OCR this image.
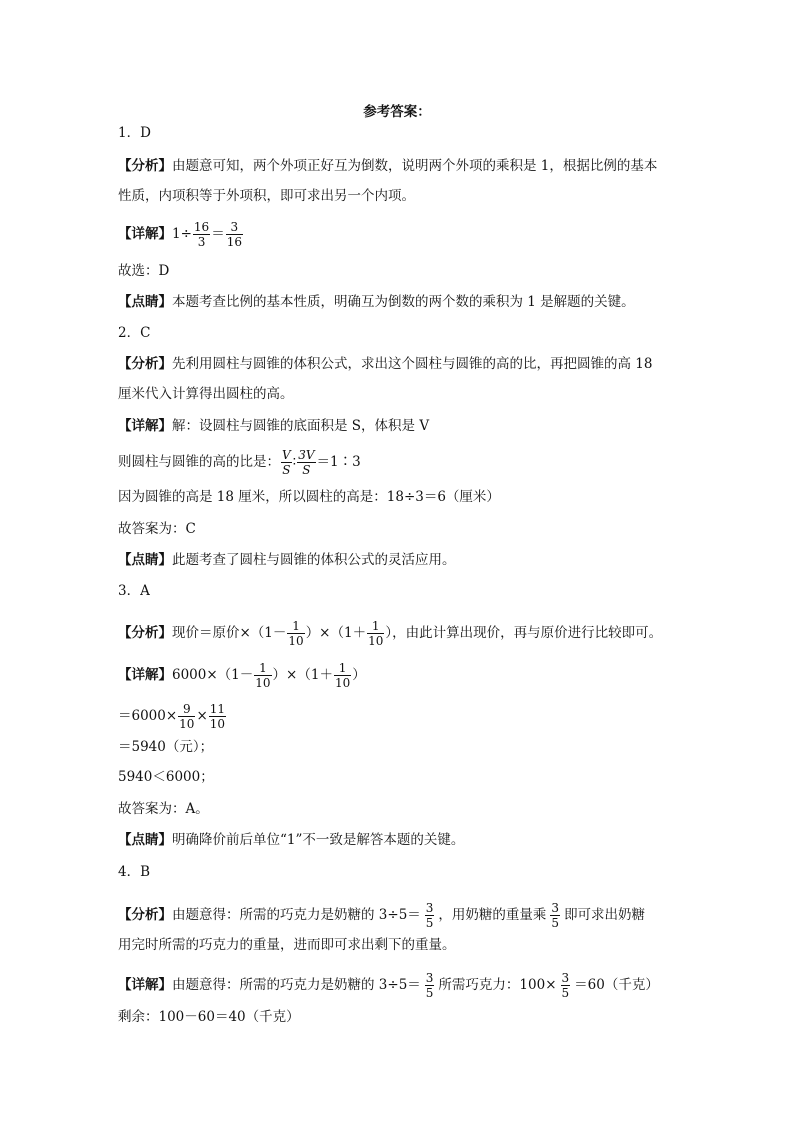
参考答案：
1．D
【分析】由题意可知，两个外项正好互为倒数，说明两个外项的乘积是 1，根据比例的基本
性质，内项积等于外项积，即可求出另一个内项。
【详解】$1\div \frac{16}{3} = \frac{3}{16}$
故选：D
【点睛】本题考查比例的基本性质，明确互为倒数的两个数的乘积为 1 是解题的关键。
2．C
【分析】先利用圆柱与圆锥的体积公式，求出这个圆柱与圆锥的高的比，再把圆锥的高 18
厘米代入计算得出圆柱的高。
【详解】解：设圆柱与圆锥的底面积是 S，体积是 V
则圆柱与圆锥的高的比是： $\frac{V}{S}$ ∶ $\frac{3V}{S}$ ＝1∶3
因为圆锥的高是 18 厘米，所以圆柱的高是：18÷3＝6（厘米）
故答案为：C
【点睛】此题考查了圆柱与圆锥的体积公式的灵活应用。
3．A
【分析】现价＝原价$\times(1- \frac{1}{10} )\times(1+ \frac{1}{10}$ ），由此计算出现价，再与原价进行比较即可。
【详解】$6000\times(1- \frac{1}{10} )\times(1+ \frac{1}{10}$ ）
$=6000\times \frac{9}{10} \times \frac{11}{10}$
＝5940（元）；
5940＜6000；
故答案为：A。
【点睛】明确降价前后单位“1”不一致是解答本题的关键。
4．B
【分析】由题意得：所需的巧克力是奶糖的 $3\div 5= \frac{3}{5}$ ，用奶糖的重量乘 $\frac{3}{5}$ 即可求出奶糖
用完时所需的巧克力的重量，进而即可求出剩下的重量。
【详解】由题意得：所需的巧克力是奶糖的 $3\div 5= \frac{3}{5}$ 所需巧克力：$100\times \frac{3}{5} =60$（千克）
剩余：100－60＝40（千克）
